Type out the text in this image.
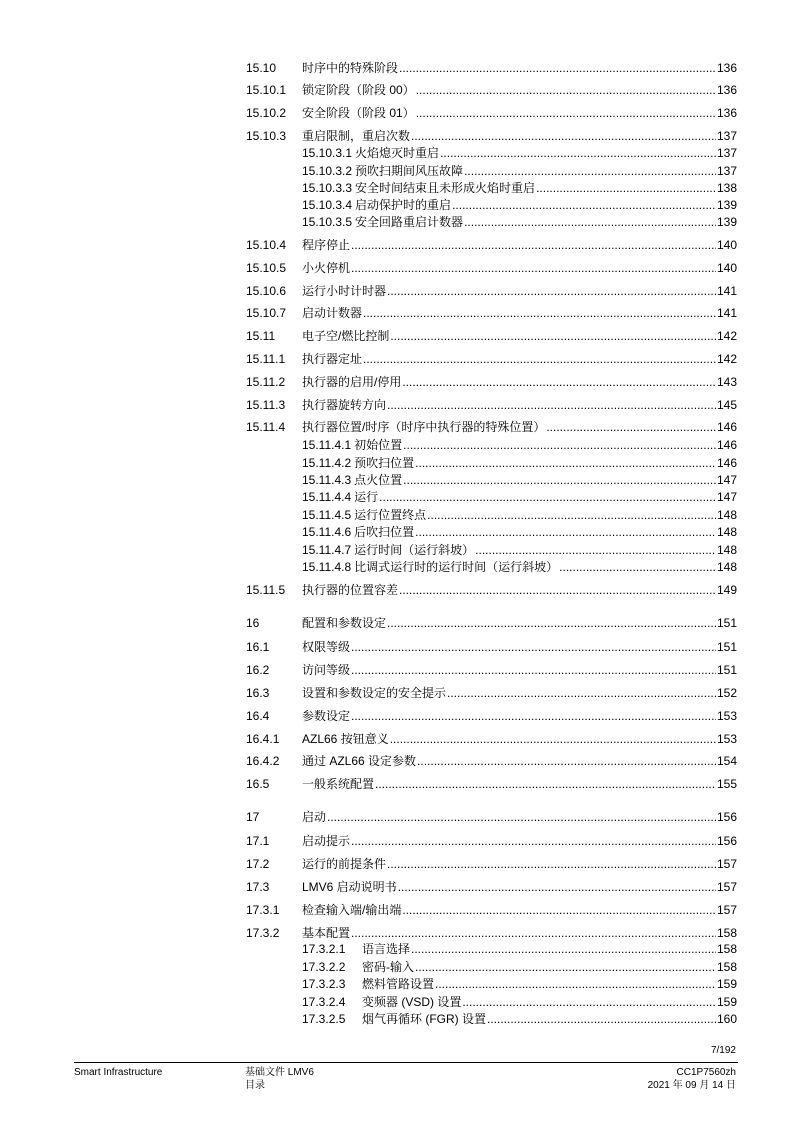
15.10 时序中的特殊阶段 .....	136
15.10.1 锁定阶段（阶段 00） .....	136
15.10.2 安全阶段（阶段 01） .....	136
15.10.3 重启限制，重启次数 .....	137
15.10.3.1 火焰熄灭时重启 .....	137
15.10.3.2 预吹扫期间风压故障 .....	137
15.10.3.3 安全时间结束且未形成火焰时重启 .....	138
15.10.3.4 启动保护时的重启 .....	139
15.10.3.5 安全回路重启计数器 .....	139
15.10.4 程序停止 .....	140
15.10.5 小火停机 .....	140
15.10.6 运行小时计时器 .....	141
15.10.7 启动计数器 .....	141
15.11 电子空/燃比控制 .....	142
15.11.1 执行器定址 .....	142
15.11.2 执行器的启用/停用 .....	143
15.11.3 执行器旋转方向 .....	145
15.11.4 执行器位置/时序（时序中执行器的特殊位置） .....	146
15.11.4.1 初始位置 .....	146
15.11.4.2 预吹扫位置 .....	146
15.11.4.3 点火位置 .....	147
15.11.4.4 运行 .....	147
15.11.4.5 运行位置终点 .....	148
15.11.4.6 后吹扫位置 .....	148
15.11.4.7 运行时间（运行斜坡） .....	148
15.11.4.8 比调式运行时的运行时间（运行斜坡） .....	148
15.11.5 执行器的位置容差 .....	149
16	配置和参数设定 .....	151
16.1	权限等级 .....	151
16.2	访问等级 .....	151
16.3	设置和参数设定的安全提示 .....	152
16.4	参数设定 .....	153
16.4.1 AZL66 按钮意义 .....	153
16.4.2 通过 AZL66 设定参数 .....	154
16.5	一般系统配置 .....	155
17	启动 .....	156
17.1	启动提示 .....	156
17.2	运行的前提条件 .....	157
17.3	LMV6 启动说明书 .....	157
17.3.1 检查输入端/输出端 .....	157
17.3.2 基本配置 .....	158
17.3.2.1	语言选择 .....	158
17.3.2.2	密码-输入 .....	158
17.3.2.3	燃料管路设置 .....	159
17.3.2.4	变频器 (VSD) 设置 .....	159
17.3.2.5	烟气再循环 (FGR) 设置 .....	160
7/192
Smart Infrastructure	基础文件 LMV6
目录
CC1P7560zh
2021 年 09 月 14 日
